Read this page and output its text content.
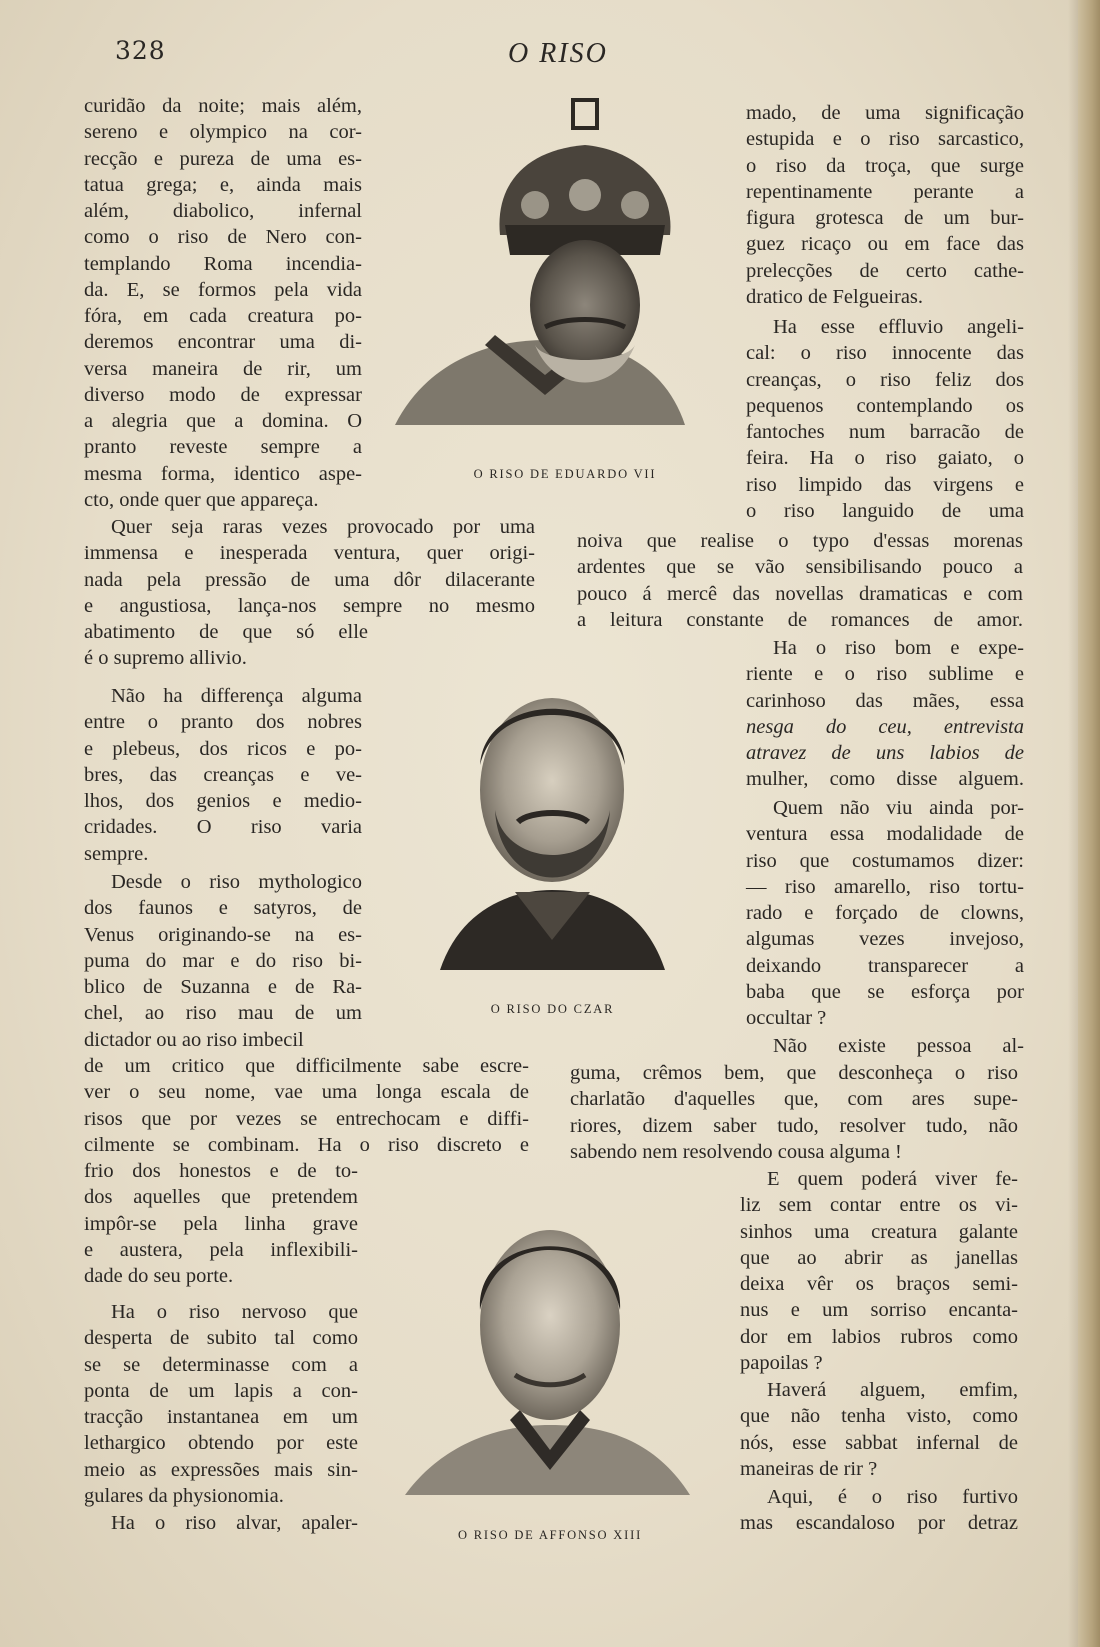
328	O RISO
curidão da noite; mais além,
sereno e olympico na cor-
recção e pureza de uma es-
tatua grega; e, ainda mais
além, diabolico, infernal
como o riso de Nero con-
templando Roma incendia-
da. E, se formos pela vida
fóra, em cada creatura po-
deremos encontrar uma di-
versa maneira de rir, um
diverso modo de expressar
a alegria que a domina. O
pranto reveste sempre a
mesma forma, identico aspe-
cto, onde quer que appareça.
Quer seja raras vezes provocado por uma
immensa e inesperada ventura, quer origi-
nada pela pressão de uma dôr dilacerante
e angustiosa, lança-nos sempre no mesmo
abatimento de que só elle
é o supremo allivio.
Não ha differença alguma
entre o pranto dos nobres
e plebeus, dos ricos e po-
bres, das creanças e ve-
lhos, dos genios e medio-
cridades. O riso varia
sempre.
Desde o riso mythologico
dos faunos e satyros, de
Venus originando-se na es-
puma do mar e do riso bi-
blico de Suzanna e de Ra-
chel, ao riso mau de um
dictador ou ao riso imbecil
de um critico que difficilmente sabe escre-
ver o seu nome, vae uma longa escala de
risos que por vezes se entrechocam e diffi-
cilmente se combinam. Ha o riso discreto e
frio dos honestos e de to-
dos aquelles que pretendem
impôr-se pela linha grave
e austera, pela inflexibili-
dade do seu porte.
Ha o riso nervoso que
desperta de subito tal como
se se determinasse com a
ponta de um lapis a con-
tracção instantanea em um
lethargico obtendo por este
meio as expressões mais sin-
gulares da physionomia.
Ha o riso alvar, apaler-
mado, de uma significação
estupida e o riso sarcastico,
o riso da troça, que surge
repentinamente perante a
figura grotesca de um bur-
guez ricaço ou em face das
prelecções de certo cathe-
dratico de Felgueiras.
Ha esse effluvio angeli-
cal: o riso innocente das
creanças, o riso feliz dos
pequenos contemplando os
fantoches num barracão de
feira. Ha o riso gaiato, o
riso limpido das virgens e
o riso languido de uma
noiva que realise o typo d'essas morenas
ardentes que se vão sensibilisando pouco a
pouco á mercê das novellas dramaticas e com
a leitura constante de romances de amor.
Ha o riso bom e expe-
riente e o riso sublime e
carinhoso das mães, essa
nesga do ceu, entrevista
atravez de uns labios de
mulher, como disse alguem.
Quem não viu ainda por-
ventura essa modalidade de
riso que costumamos dizer:
— riso amarello, riso tortu-
rado e forçado de clowns,
algumas vezes invejoso,
deixando transparecer a
baba que se esforça por
occultar ?
Não existe pessoa al-
guma, crêmos bem, que desconheça o riso
charlatão d'aquelles que, com ares supe-
riores, dizem saber tudo, resolver tudo, não
sabendo nem resolvendo cousa alguma !
E quem poderá viver fe-
liz sem contar entre os vi-
sinhos uma creatura galante
que ao abrir as janellas
deixa vêr os braços semi-
nus e um sorriso encanta-
dor em labios rubros como
papoilas ?
Haverá alguem, emfim,
que não tenha visto, como
nós, esse sabbat infernal de
maneiras de rir ?
Aqui, é o riso furtivo
mas escandaloso por detraz
O RISO DE EDUARDO VII
O RISO DO CZAR
O RISO DE AFFONSO XIII
